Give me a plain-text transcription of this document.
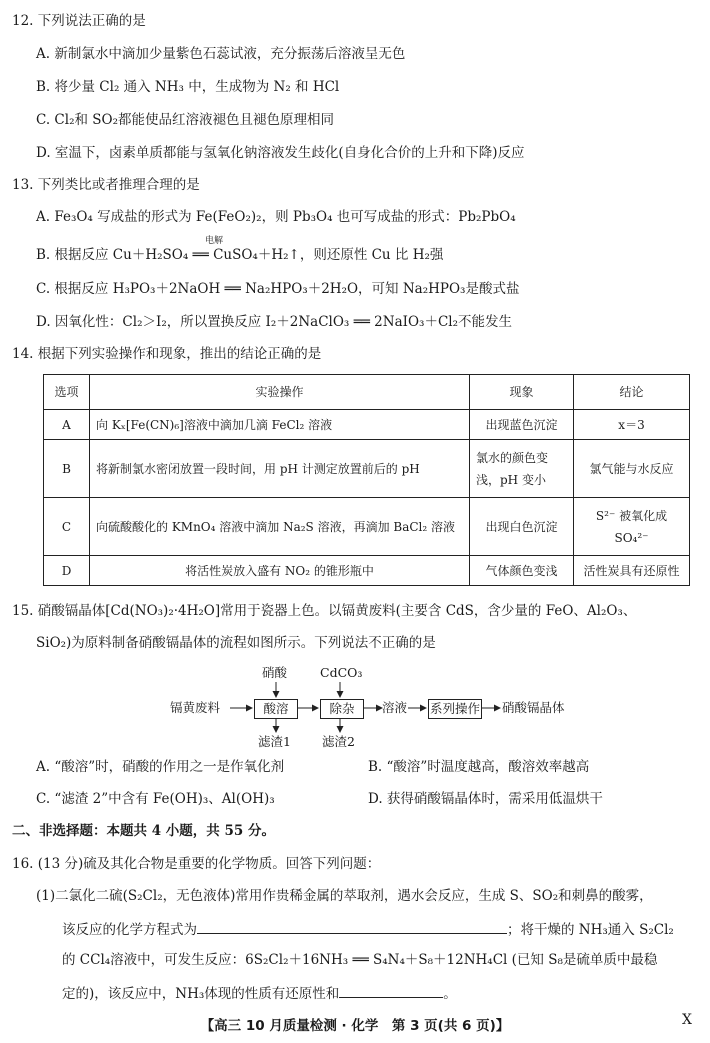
12. 下列说法正确的是
A. 新制氯水中滴加少量紫色石蕊试液，充分振荡后溶液呈无色
B. 将少量 Cl₂ 通入 NH₃ 中，生成物为 N₂ 和 HCl
C. Cl₂和 SO₂都能使品红溶液褪色且褪色原理相同
D. 室温下，卤素单质都能与氢氧化钠溶液发生歧化(自身化合价的上升和下降)反应
13. 下列类比或者推理合理的是
A. Fe₃O₄ 写成盐的形式为 Fe(FeO₂)₂，则 Pb₃O₄ 也可写成盐的形式：Pb₂PbO₄
电解
B. 根据反应 Cu＋H₂SO₄ ══ CuSO₄＋H₂↑，则还原性 Cu 比 H₂强
C. 根据反应 H₃PO₃＋2NaOH ══ Na₂HPO₃＋2H₂O，可知 Na₂HPO₃是酸式盐
D. 因氧化性：Cl₂＞I₂，所以置换反应 I₂＋2NaClO₃ ══ 2NaIO₃＋Cl₂不能发生
14. 根据下列实验操作和现象，推出的结论正确的是
选项	实验操作	现象	结论
A	向 Kₓ[Fe(CN)₆]溶液中滴加几滴 FeCl₂ 溶液	出现蓝色沉淀	x＝3
B	将新制氯水密闭放置一段时间，用 pH 计测定放置前后的 pH	氯水的颜色变浅，pH 变小	氯气能与水反应
C	向硫酸酸化的 KMnO₄ 溶液中滴加 Na₂S 溶液，再滴加 BaCl₂ 溶液	出现白色沉淀	S²⁻ 被氧化成 SO₄²⁻
D	将活性炭放入盛有 NO₂ 的锥形瓶中	气体颜色变浅	活性炭具有还原性
15. 硝酸镉晶体[Cd(NO₃)₂·4H₂O]常用于瓷器上色。以镉黄废料(主要含 CdS，含少量的 FeO、Al₂O₃、
SiO₂)为原料制备硝酸镉晶体的流程如图所示。下列说法不正确的是
镉黄废料
硝酸
酸溶
CdCO₃
除杂	溶液 系列操作 硝酸镉晶体
滤渣1 滤渣2
A. “酸溶”时，硝酸的作用之一是作氧化剂	B. “酸溶”时温度越高，酸溶效率越高
C. “滤渣 2”中含有 Fe(OH)₃、Al(OH)₃	D. 获得硝酸镉晶体时，需采用低温烘干
二、非选择题：本题共 4 小题，共 55 分。
16. (13 分)硫及其化合物是重要的化学物质。回答下列问题：
(1)二氯化二硫(S₂Cl₂，无色液体)常用作贵稀金属的萃取剂，遇水会反应，生成 S、SO₂和刺鼻的酸雾，
该反应的化学方程式为	；将干燥的 NH₃通入 S₂Cl₂
的 CCl₄溶液中，可发生反应：6S₂Cl₂＋16NH₃ ══ S₄N₄＋S₈＋12NH₄Cl (已知 S₈是硫单质中最稳
定的)，该反应中，NH₃体现的性质有还原性和	。
【高三 10 月质量检测 · 化学　第 3 页(共 6 页)】	X
